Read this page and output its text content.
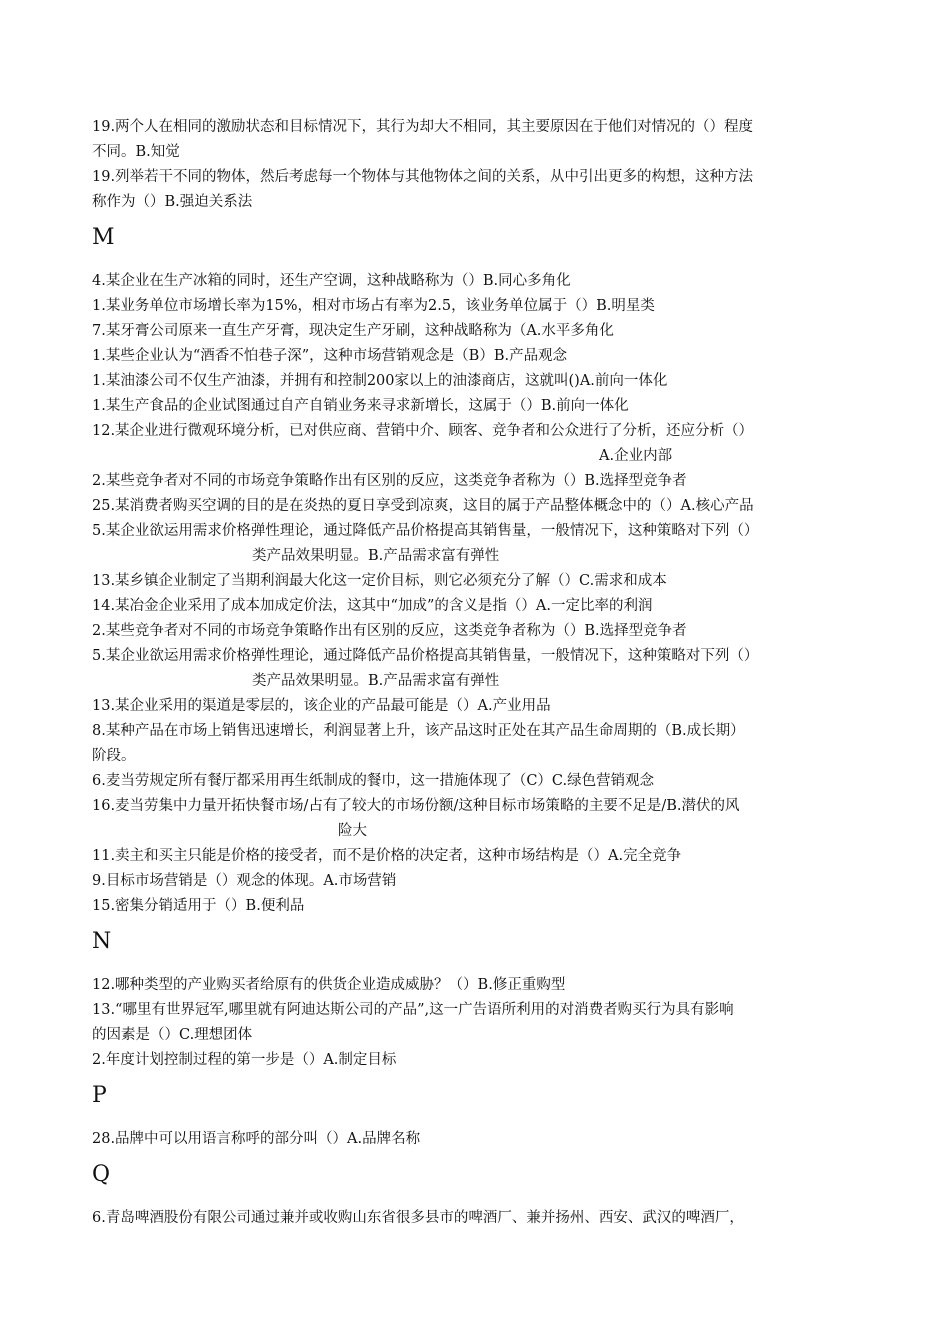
19.两个人在相同的激励状态和目标情况下，其行为却大不相同，其主要原因在于他们对情况的（）程度
不同。B.知觉
19.列举若干不同的物体，然后考虑每一个物体与其他物体之间的关系，从中引出更多的构想，这种方法
称作为（）B.强迫关系法
M
4.某企业在生产冰箱的同时，还生产空调，这种战略称为（）B.同心多角化
1.某业务单位市场增长率为15%，相对市场占有率为2.5，该业务单位属于（）B.明星类
7.某牙膏公司原来一直生产牙膏，现决定生产牙刷，这种战略称为（A.水平多角化
1.某些企业认为“酒香不怕巷子深”，这种市场营销观念是（B）B.产品观念
1.某油漆公司不仅生产油漆，并拥有和控制200家以上的油漆商店，这就叫()A.前向一体化
1.某生产食品的企业试图通过自产自销业务来寻求新增长，这属于（）B.前向一体化
12.某企业进行微观环境分析，已对供应商、营销中介、顾客、竞争者和公众进行了分析，还应分析（）
A.企业内部
2.某些竞争者对不同的市场竞争策略作出有区别的反应，这类竞争者称为（）B.选择型竞争者
25.某消费者购买空调的目的是在炎热的夏日享受到凉爽，这目的属于产品整体概念中的（）A.核心产品
5.某企业欲运用需求价格弹性理论，通过降低产品价格提高其销售量，一般情况下，这种策略对下列（）
类产品效果明显。B.产品需求富有弹性
13.某乡镇企业制定了当期利润最大化这一定价目标，则它必须充分了解（）C.需求和成本
14.某冶金企业采用了成本加成定价法，这其中“加成”的含义是指（）A.一定比率的利润
2.某些竞争者对不同的市场竞争策略作出有区别的反应，这类竞争者称为（）B.选择型竞争者
5.某企业欲运用需求价格弹性理论，通过降低产品价格提高其销售量，一般情况下，这种策略对下列（）
类产品效果明显。B.产品需求富有弹性
13.某企业采用的渠道是零层的，该企业的产品最可能是（）A.产业用品
8.某种产品在市场上销售迅速增长，利润显著上升，该产品这时正处在其产品生命周期的（B.成长期）
阶段。
6.麦当劳规定所有餐厅都采用再生纸制成的餐巾，这一措施体现了（C）C.绿色营销观念
16.麦当劳集中力量开拓快餐市场/占有了较大的市场份额/这种目标市场策略的主要不足是/B.潜伏的风
险大
11.卖主和买主只能是价格的接受者，而不是价格的决定者，这种市场结构是（）A.完全竞争
9.目标市场营销是（）观念的体现。A.市场营销
15.密集分销适用于（）B.便利品
N
12.哪种类型的产业购买者给原有的供货企业造成威胁？（）B.修正重购型
13.“哪里有世界冠军,哪里就有阿迪达斯公司的产品”,这一广告语所利用的对消费者购买行为具有影响
的因素是（）C.理想团体
2.年度计划控制过程的第一步是（）A.制定目标
P
28.品牌中可以用语言称呼的部分叫（）A.品牌名称
Q
6.青岛啤酒股份有限公司通过兼并或收购山东省很多县市的啤酒厂、兼并扬州、西安、武汉的啤酒厂，
